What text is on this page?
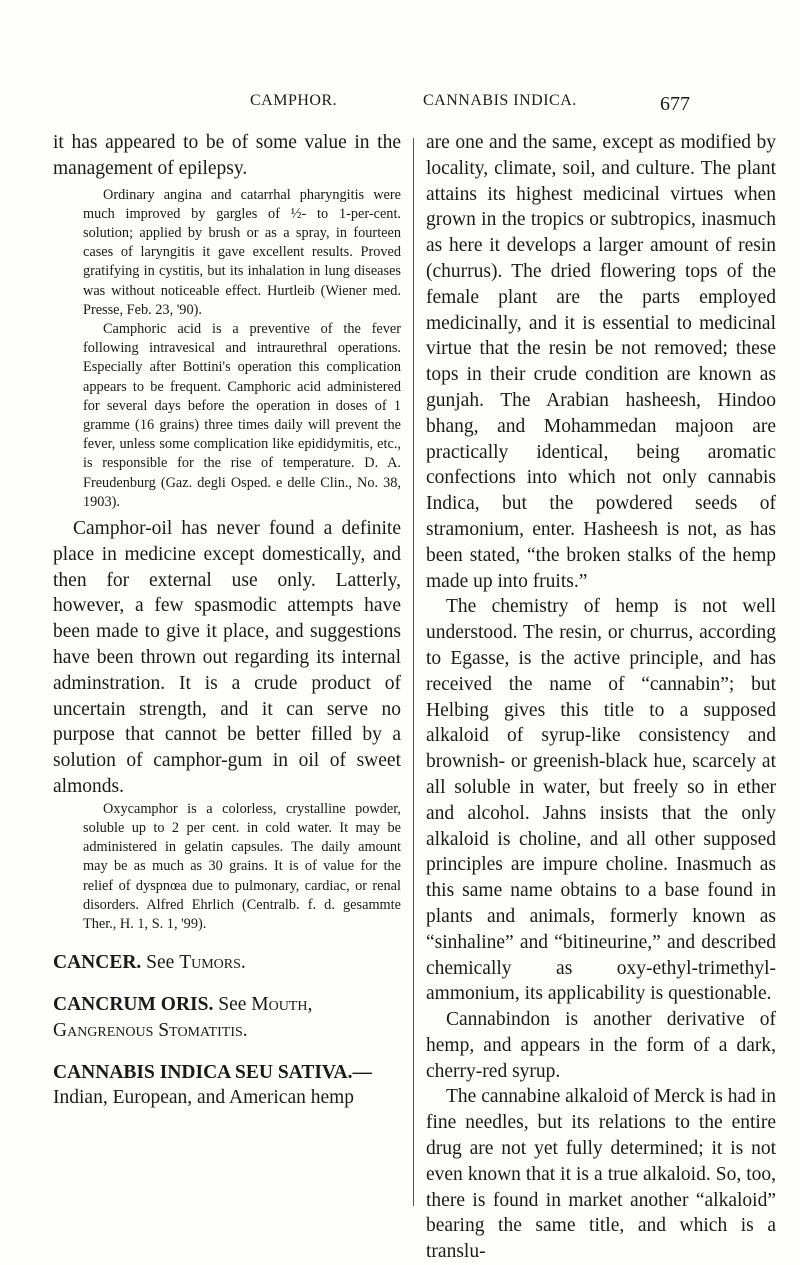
CAMPHOR.	CANNABIS INDICA.	677

it has appeared to be of some value in the management of epilepsy.

Ordinary angina and catarrhal pharyngitis were much improved by gargles of ½- to 1-per-cent. solution; applied by brush or as a spray, in fourteen cases of laryngitis it gave excellent results. Proved gratifying in cystitis, but its inhalation in lung diseases was without noticeable effect. Hurtleib (Wiener med. Presse, Feb. 23, '90).

Camphoric acid is a preventive of the fever following intravesical and intraurethral operations. Especially after Bottini's operation this complication appears to be frequent. Camphoric acid administered for several days before the operation in doses of 1 gramme (16 grains) three times daily will prevent the fever, unless some complication like epididymitis, etc., is responsible for the rise of temperature. D. A. Freudenburg (Gaz. degli Osped. e delle Clin., No. 38, 1903).

Camphor-oil has never found a definite place in medicine except domestically, and then for external use only. Latterly, however, a few spasmodic attempts have been made to give it place, and suggestions have been thrown out regarding its internal adminstration. It is a crude product of uncertain strength, and it can serve no purpose that cannot be better filled by a solution of camphor-gum in oil of sweet almonds.

Oxycamphor is a colorless, crystalline powder, soluble up to 2 per cent. in cold water. It may be administered in gelatin capsules. The daily amount may be as much as 30 grains. It is of value for the relief of dyspnœa due to pulmonary, cardiac, or renal disorders. Alfred Ehrlich (Centralb. f. d. gesammte Ther., H. 1, S. 1, '99).

CANCER. See Tumors.

CANCRUM ORIS. See Mouth, Gangrenous Stomatitis.

CANNABIS INDICA SEU SATIVA.— Indian, European, and American hemp

are one and the same, except as modified by locality, climate, soil, and culture. The plant attains its highest medicinal virtues when grown in the tropics or subtropics, inasmuch as here it develops a larger amount of resin (churrus). The dried flowering tops of the female plant are the parts employed medicinally, and it is essential to medicinal virtue that the resin be not removed; these tops in their crude condition are known as gunjah. The Arabian hasheesh, Hindoo bhang, and Mohammedan majoon are practically identical, being aromatic confections into which not only cannabis Indica, but the powdered seeds of stramonium, enter. Hasheesh is not, as has been stated, “the broken stalks of the hemp made up into fruits.”

The chemistry of hemp is not well understood. The resin, or churrus, according to Egasse, is the active principle, and has received the name of “cannabin”; but Helbing gives this title to a supposed alkaloid of syrup-like consistency and brownish- or greenish-black hue, scarcely at all soluble in water, but freely so in ether and alcohol. Jahns insists that the only alkaloid is choline, and all other supposed principles are impure choline. Inasmuch as this same name obtains to a base found in plants and animals, formerly known as “sinhaline” and “bitineurine,” and described chemically as oxy-ethyl-trimethyl-ammonium, its applicability is questionable.

Cannabindon is another derivative of hemp, and appears in the form of a dark, cherry-red syrup.

The cannabine alkaloid of Merck is had in fine needles, but its relations to the entire drug are not yet fully determined; it is not even known that it is a true alkaloid. So, too, there is found in market another “alkaloid” bearing the same title, and which is a translu-
